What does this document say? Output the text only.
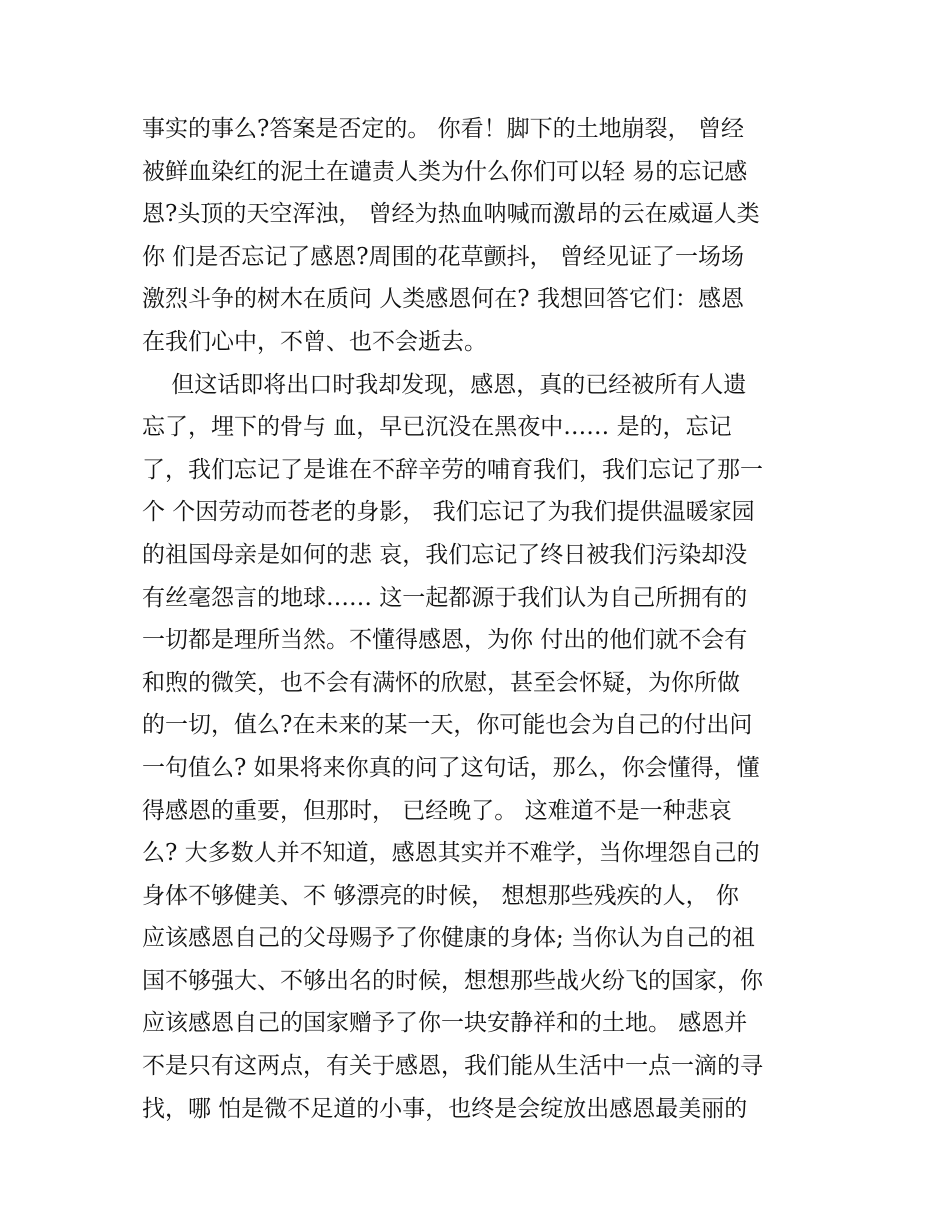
事实的事么?答案是否定的。 你看！脚下的土地崩裂， 曾经
被鲜血染红的泥土在谴责人类为什么你们可以轻 易的忘记感
恩?头顶的天空浑浊， 曾经为热血呐喊而激昂的云在威逼人类
你 们是否忘记了感恩?周围的花草颤抖， 曾经见证了一场场
激烈斗争的树木在质问 人类感恩何在? 我想回答它们：感恩
在我们心中，不曾、也不会逝去。
但这话即将出口时我却发现，感恩，真的已经被所有人遗
忘了，埋下的骨与 血，早已沉没在黑夜中…… 是的，忘记
了，我们忘记了是谁在不辞辛劳的哺育我们，我们忘记了那一
个 个因劳动而苍老的身影， 我们忘记了为我们提供温暖家园
的祖国母亲是如何的悲 哀，我们忘记了终日被我们污染却没
有丝毫怨言的地球…… 这一起都源于我们认为自己所拥有的
一切都是理所当然。不懂得感恩，为你 付出的他们就不会有
和煦的微笑，也不会有满怀的欣慰，甚至会怀疑，为你所做
的一切，值么?在未来的某一天，你可能也会为自己的付出问
一句值么? 如果将来你真的问了这句话，那么，你会懂得，懂
得感恩的重要，但那时， 已经晚了。 这难道不是一种悲哀
么? 大多数人并不知道，感恩其实并不难学，当你埋怨自己的
身体不够健美、不 够漂亮的时候， 想想那些残疾的人， 你
应该感恩自己的父母赐予了你健康的身体; 当你认为自己的祖
国不够强大、不够出名的时候，想想那些战火纷飞的国家，你
应该感恩自己的国家赠予了你一块安静祥和的土地。 感恩并
不是只有这两点，有关于感恩，我们能从生活中一点一滴的寻
找，哪 怕是微不足道的小事，也终是会绽放出感恩最美丽的
